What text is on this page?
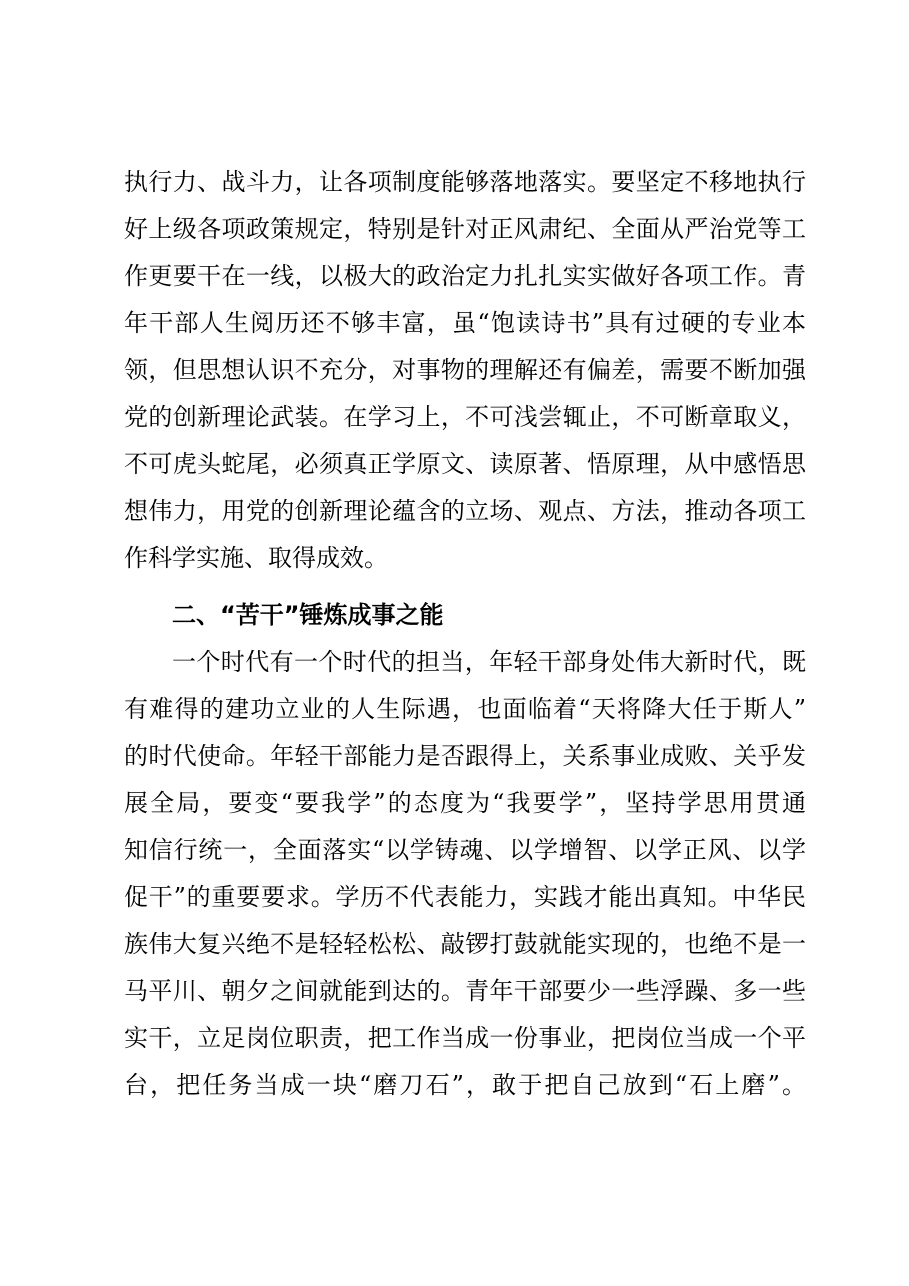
执行力、战斗力，让各项制度能够落地落实。要坚定不移地执行
好上级各项政策规定，特别是针对正风肃纪、全面从严治党等工
作更要干在一线，以极大的政治定力扎扎实实做好各项工作。青
年干部人生阅历还不够丰富，虽“饱读诗书”具有过硬的专业本
领，但思想认识不充分，对事物的理解还有偏差，需要不断加强
党的创新理论武装。在学习上，不可浅尝辄止，不可断章取义，
不可虎头蛇尾，必须真正学原文、读原著、悟原理，从中感悟思
想伟力，用党的创新理论蕴含的立场、观点、方法，推动各项工
作科学实施、取得成效。
二、“苦干”锤炼成事之能
一个时代有一个时代的担当，年轻干部身处伟大新时代，既
有难得的建功立业的人生际遇，也面临着“天将降大任于斯人”
的时代使命。年轻干部能力是否跟得上，关系事业成败、关乎发
展全局，要变“要我学”的态度为“我要学”，坚持学思用贯通
知信行统一，全面落实“以学铸魂、以学增智、以学正风、以学
促干”的重要要求。学历不代表能力，实践才能出真知。中华民
族伟大复兴绝不是轻轻松松、敲锣打鼓就能实现的，也绝不是一
马平川、朝夕之间就能到达的。青年干部要少一些浮躁、多一些
实干，立足岗位职责，把工作当成一份事业，把岗位当成一个平
台，把任务当成一块“磨刀石”，敢于把自己放到“石上磨”。
